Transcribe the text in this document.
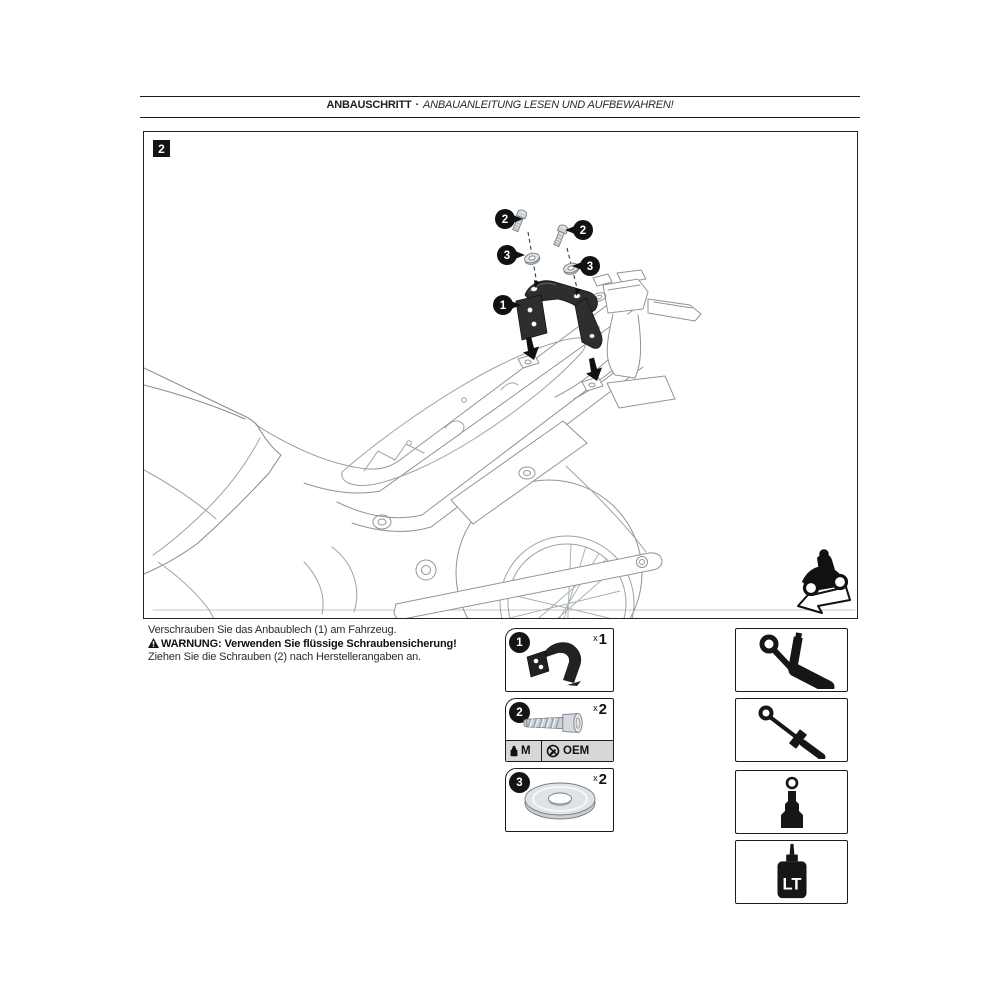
ANBAUSCHRITT · ANBAUANLEITUNG LESEN UND AUFBEWAHREN!
2
2
3
3
1
2
Verschrauben Sie das Anbaublech (1) am Fahrzeug.
WARNUNG: Verwenden Sie flüssige Schraubensicherung!
Ziehen Sie die Schrauben (2) nach Herstellerangaben an.
1	x1
2	x2
M	OEM
3	x2
LT
